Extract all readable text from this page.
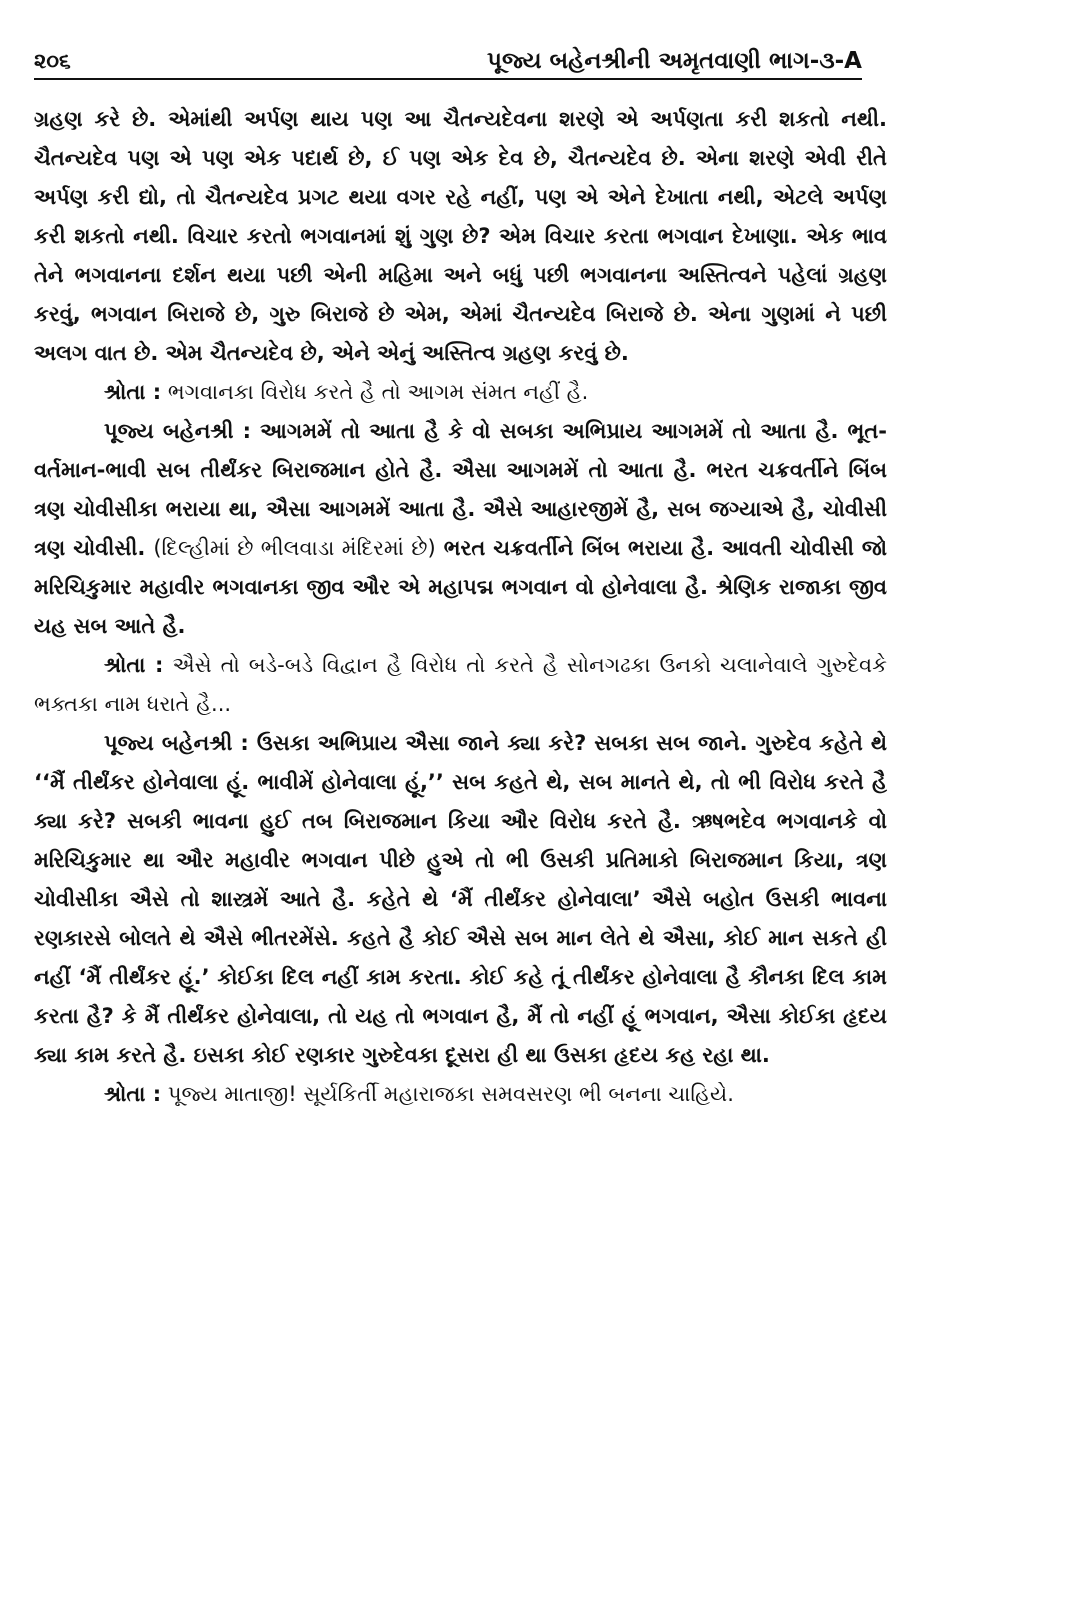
૨૦૬	પૂજ્ય બહેનશ્રીની અમૃતવાણી ભાગ-૩-A

ગ્રહણ કરે છે. એમાંથી અર્પણ થાય પણ આ ચૈતન્યદેવના શરણે એ અર્પણતા કરી શકતો નથી. ચૈતન્યદેવ પણ એ પણ એક પદાર્થ છે, ઈ પણ એક દેવ છે, ચૈતન્યદેવ છે. એના શરણે એવી રીતે અર્પણ કરી દ્યો, તો ચૈતન્યદેવ પ્રગટ થયા વગર રહે નહીં, પણ એ એને દેખાતા નથી, એટલે અર્પણ કરી શકતો નથી. વિચાર કરતો ભગવાનમાં શું ગુણ છે? એમ વિચાર કરતા ભગવાન દેખાણા. એક ભાવ તેને ભગવાનના દર્શન થયા પછી એની મહિમા અને બધું પછી ભગવાનના અસ્તિત્વને પહેલાં ગ્રહણ કરવું, ભગવાન બિરાજે છે, ગુરુ બિરાજે છે એમ, એમાં ચૈતન્યદેવ બિરાજે છે. એના ગુણમાં ને પછી અલગ વાત છે. એમ ચૈતન્યદેવ છે, એને એનું અસ્તિત્વ ગ્રહણ કરવું છે.

શ્રોતા : ભગવાનકા વિરોધ કરતે હૈ તો આગમ સંમત નહીં હૈ.

પૂજ્ય બહેનશ્રી : આગમમેં તો આતા હૈ કે વો સબકા અભિપ્રાય આગમમેં તો આતા હૈ. ભૂત-વર્તમાન-ભાવી સબ તીર્થંકર બિરાજમાન હોતે હૈ. ઐસા આગમમેં તો આતા હૈ. ભરત ચક્રવર્તીને બિંબ ત્રણ ચોવીસીકા ભરાયા થા, ઐસા આગમમેં આતા હૈ. ઐસે આહારજીમેં હૈ, સબ જગ્યાએ હૈ, ચોવીસી ત્રણ ચોવીસી. (દિલ્હીમાં છે ભીલવાડા મંદિરમાં છે) ભરત ચક્રવર્તીને બિંબ ભરાયા હૈ. આવતી ચોવીસી જો મરિચિકુમાર મહાવીર ભગવાનકા જીવ ઔર એ મહાપદ્મ ભગવાન વો હોનેવાલા હૈ. શ્રેણિક રાજાકા જીવ યહ સબ આતે હૈ.

શ્રોતા : ઐસે તો બડે-બડે વિદ્વાન હૈ વિરોધ તો કરતે હૈ સોનગઢકા ઉનકો ચલાનેવાલે ગુરુદેવકે ભક્તકા નામ ધરાતે હૈ...

પૂજ્ય બહેનશ્રી : ઉસકા અભિપ્રાય ઐસા જાને ક્યા કરે? સબકા સબ જાને. ગુરુદેવ કહેતે થે ‘‘મૈં તીર્થંકર હોનેવાલા હૂં. ભાવીમેં હોનેવાલા હૂં,’’ સબ કહતે થે, સબ માનતે થે, તો ભી વિરોધ કરતે હૈ ક્યા કરે? સબકી ભાવના હુઈ તબ બિરાજમાન કિયા ઔર વિરોધ કરતે હૈ. ઋષભદેવ ભગવાનકે વો મરિચિકુમાર થા ઔર મહાવીર ભગવાન પીછે હુએ તો ભી ઉસકી પ્રતિમાકો બિરાજમાન કિયા, ત્રણ ચોવીસીકા ઐસે તો શાસ્ત્રમેં આતે હૈ. કહેતે થે ‘મૈં તીર્થંકર હોનેવાલા’ ઐસે બહોત ઉસકી ભાવના રણકારસે બોલતે થે ઐસે ભીતરમેંસે. કહતે હૈ કોઈ ઐસે સબ માન લેતે થે ઐસા, કોઈ માન સકતે હી નહીં ‘મૈં તીર્થંકર હૂં.’ કોઈકા દિલ નહીં કામ કરતા. કોઈ કહે તૂં તીર્થંકર હોનેવાલા હૈ કૌનકા દિલ કામ કરતા હૈ? કે મૈં તીર્થંકર હોનેવાલા, તો યહ તો ભગવાન હૈ, મૈં તો નહીં હૂં ભગવાન, ઐસા કોઈકા હૃદય ક્યા કામ કરતે હૈ. ઇસકા કોઈ રણકાર ગુરુદેવકા દૂસરા હી થા ઉસકા હૃદય કહ રહા થા.

શ્રોતા : પૂજ્ય માતાજી! સૂર્યકિર્તી મહારાજકા સમવસરણ ભી બનના ચાહિયે.
